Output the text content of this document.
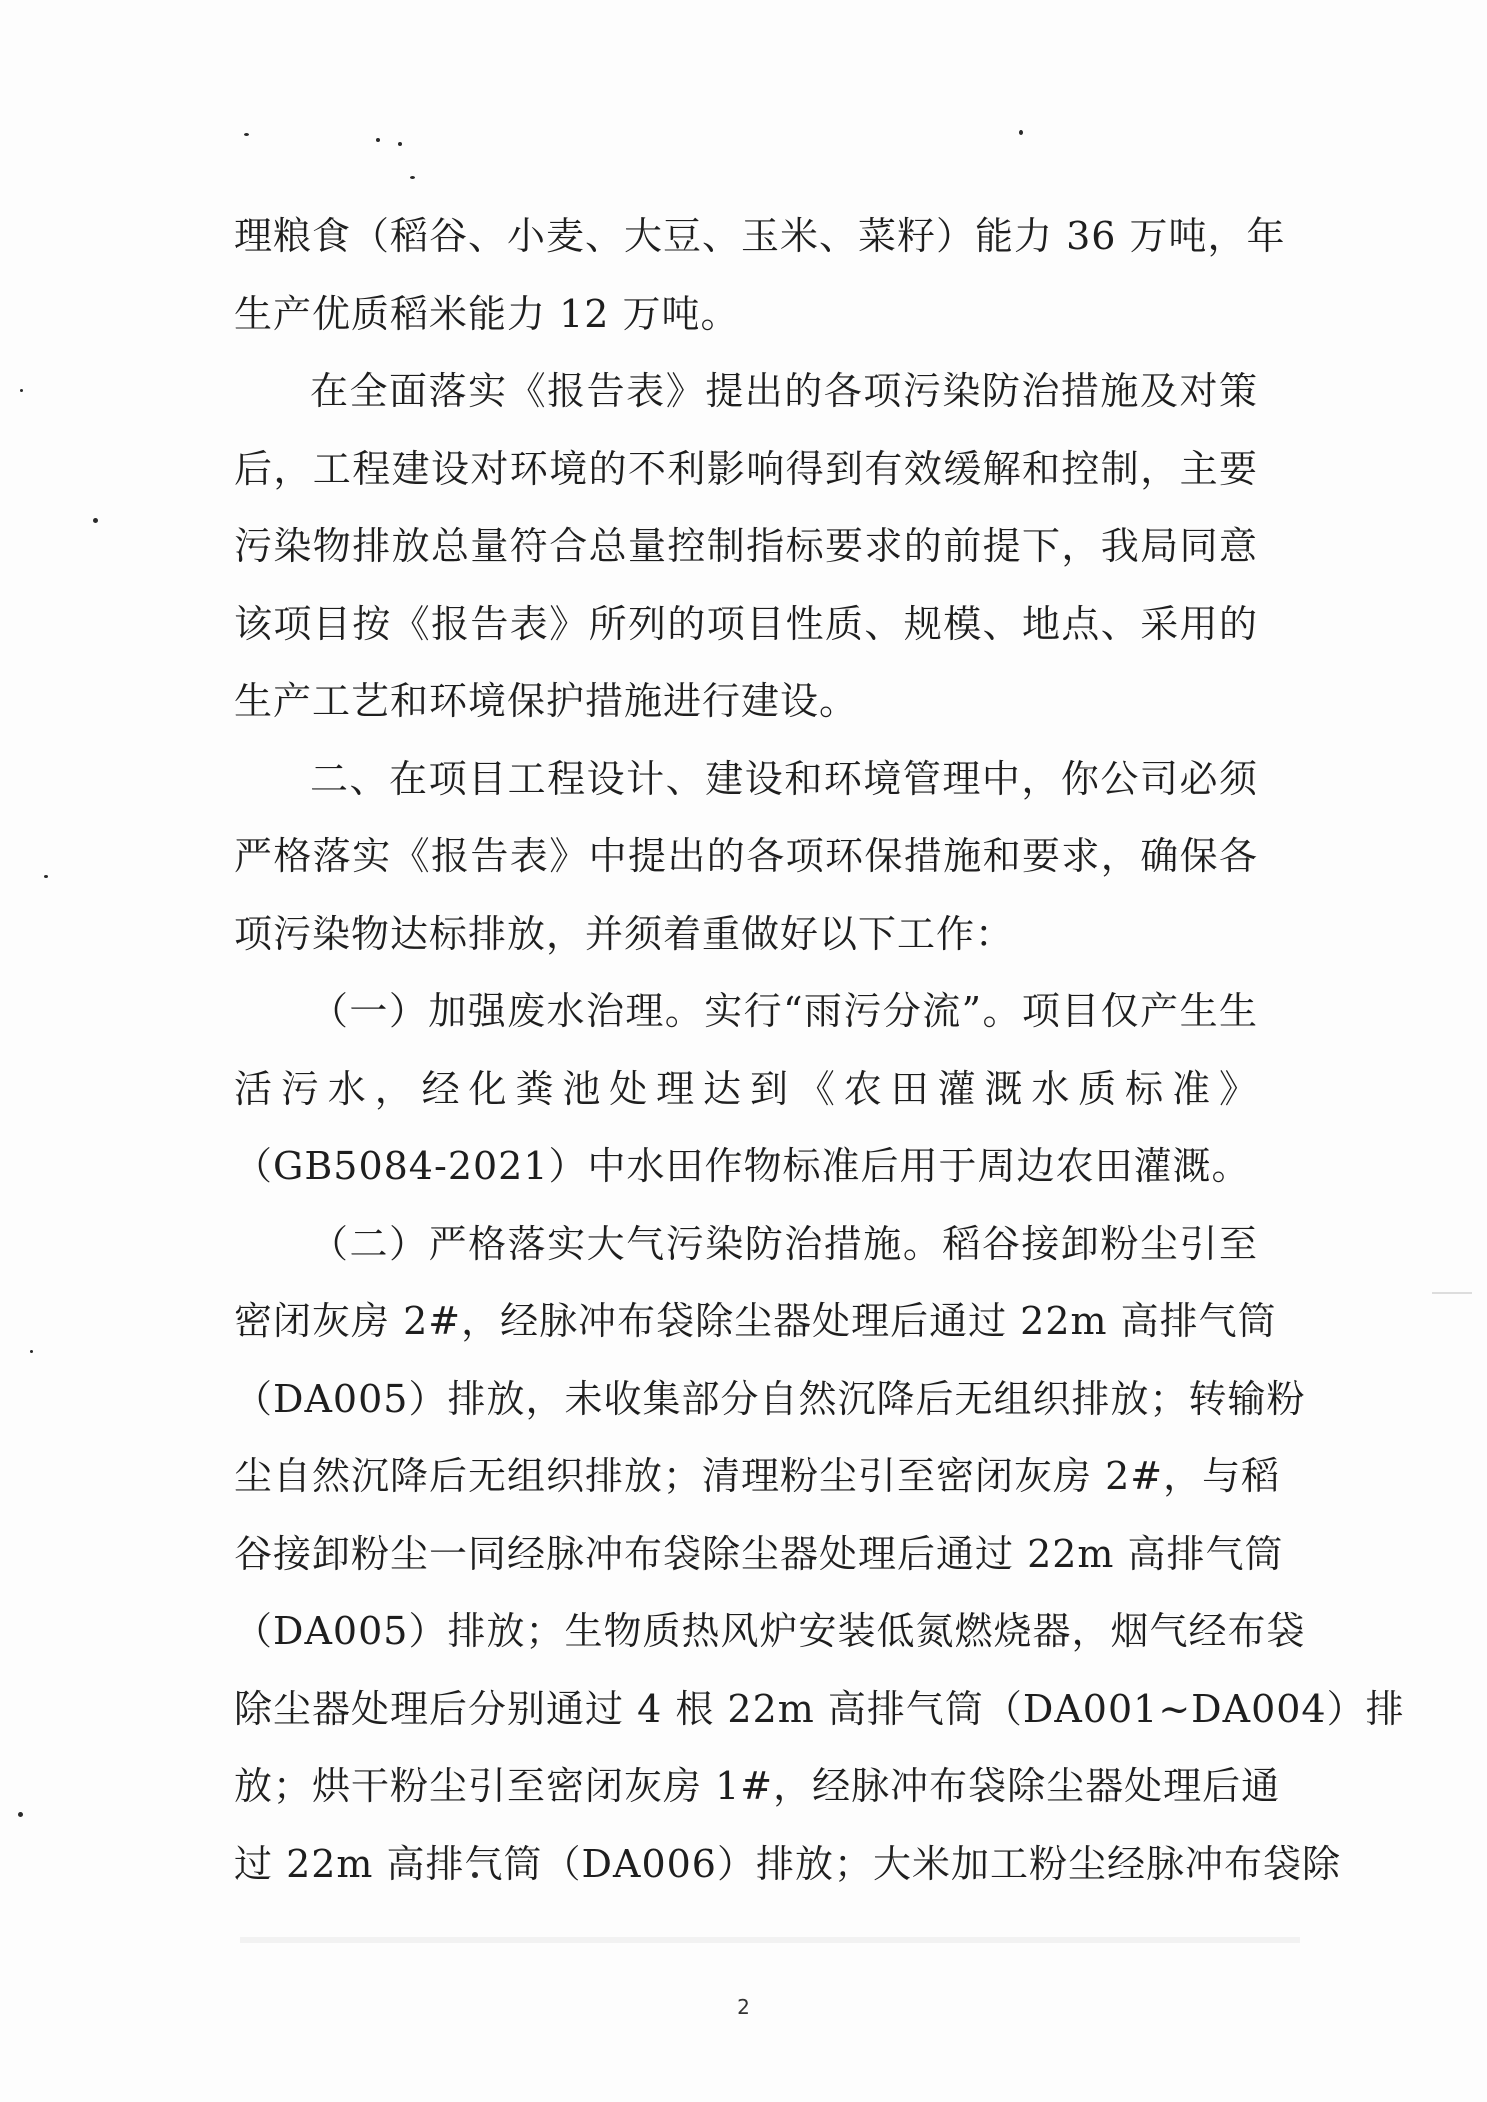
理粮食（稻谷、小麦、大豆、玉米、菜籽）能力 36 万吨，年
生产优质稻米能力 12 万吨。
在全面落实《报告表》提出的各项污染防治措施及对策
后，工程建设对环境的不利影响得到有效缓解和控制，主要
污染物排放总量符合总量控制指标要求的前提下，我局同意
该项目按《报告表》所列的项目性质、规模、地点、采用的
生产工艺和环境保护措施进行建设。
二、在项目工程设计、建设和环境管理中，你公司必须
严格落实《报告表》中提出的各项环保措施和要求，确保各
项污染物达标排放，并须着重做好以下工作：
（一）加强废水治理。实行“雨污分流”。项目仅产生生
活污水，经化粪池处理达到《农田灌溉水质标准》
（GB5084-2021）中水田作物标准后用于周边农田灌溉。
（二）严格落实大气污染防治措施。稻谷接卸粉尘引至
密闭灰房 2#，经脉冲布袋除尘器处理后通过 22m 高排气筒
（DA005）排放，未收集部分自然沉降后无组织排放；转输粉
尘自然沉降后无组织排放；清理粉尘引至密闭灰房 2#，与稻
谷接卸粉尘一同经脉冲布袋除尘器处理后通过 22m 高排气筒
（DA005）排放；生物质热风炉安装低氮燃烧器，烟气经布袋
除尘器处理后分别通过 4 根 22m 高排气筒（DA001~DA004）排
放；烘干粉尘引至密闭灰房 1#，经脉冲布袋除尘器处理后通
过 22m 高排气筒（DA006）排放；大米加工粉尘经脉冲布袋除
2
